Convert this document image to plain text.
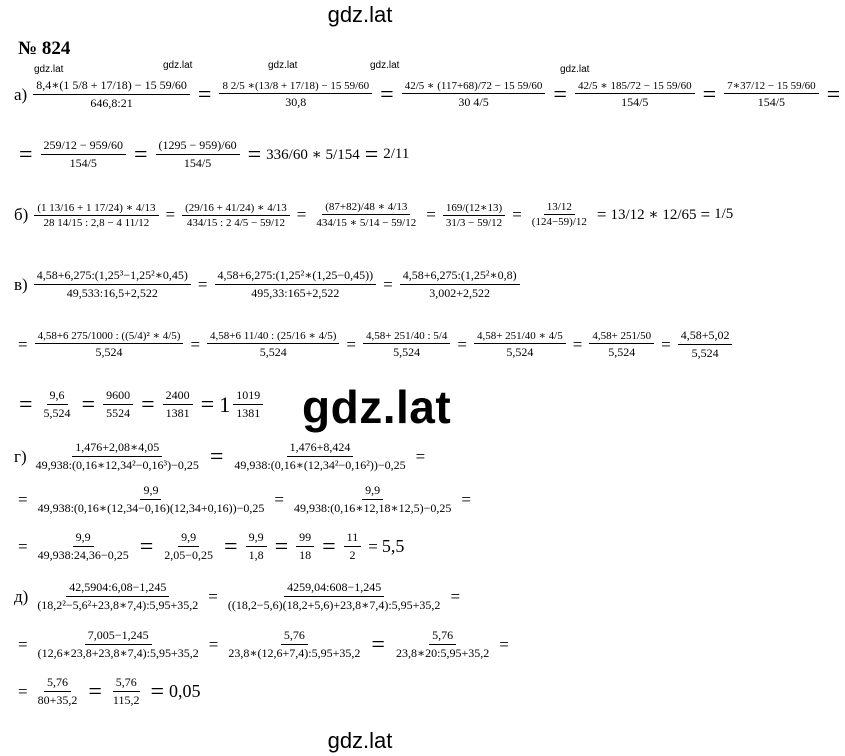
gdz.lat
№ 824
$а) \frac{8,4∗(1 5/8 + 17/18) - 15 59/60}{646,8:21} = \frac{8 2/5 ∗(13/8 + 17/18) - 15 59/60}{30,8} = \frac{42/5 ∗ (117+68)/72 - 15 59/60}{30 4/5} = \frac{42/5 ∗ 185/72 - 15 59/60}{154/5} = \frac{7∗37/12 - 15 59/60}{154/5}$ =
gdz.lat	gdz.lat	gdz.lat	gdz.lat	gdz.lat
= $\frac{259/12 - 959/60}{154/5} = \frac{(1295 - 959)/60}{154/5} = 336/60$ ∗ 5/154 = 2/11
$б) \frac{(1 13/16 + 1 17/24) ∗ 4/13}{28 14/15 : 2,8 - 4 11/12} = \frac{(29/16 + 41/24) ∗ 4/13}{434/15 : 2 4/5 - 59/12} = \frac{(87+82)/48 ∗ 4/13}{434/15 ∗ 5/14 - 59/12} = \frac{169/(12∗13)}{31/3 - 59/12} = \frac{13/12}{(124-59)/12} = 13/12$ ∗ 12/65 = 1/5
$в) \frac{\text{4,58+6,275:(1,25³−1,25²∗0,45)}}{49,533:16,5+2,522} = \frac{\text{4,58+6,275:(1,25²∗(1,25−0,45))}}{495,33:165+2,522} = \frac{\text{4,58+6,275:(1,25²∗0,8)}}{3,002+2,522}$
= $\frac{\text{4,58+6 275/1000 : ((5/4)² ∗ 4/5)}}{5,524} = \frac{4,58+6 11/40 : (25/16 ∗ 4/5)}{5,524} = \frac{4,58+ 251/40 : 5/4}{5,524} = \frac{4,58+ 251/40 ∗ 4/5}{5,524} = \frac{4,58+ 251/50}{5,524} = \frac{4,58+5,02}{5,524}$
= $\frac{9,6}{5,524} = \frac{9600}{5524} = \frac{2400}{1381} = 1 \frac{1019}{1381} gdz.lat$
$г) \frac{1,476+2,08∗4,05}{\text{49,938:(0,16∗12,34²−0,16³)−0,25}} = \frac{1,476+8,424}{\text{49,938:(0,16∗(12,34²−0,16²))−0,25}}$ =
= $\frac{9,9}{49,938:(0,16∗(12,34-0,16)(12,34+0,16))-0,25} = \frac{9,9}{49,938:(0,16∗12,18∗12,5)-0,25}$ =
= $\frac{9,9}{49,938:24,36-0,25} = \frac{9,9}{2,05-0,25} = \frac{9,9}{1,8} = \frac{99}{18} = \frac{11}{2} = 5,5$
$д) \frac{42,5904:6,08-1,245}{\text{(18,2²−5,6²+23,8∗7,4):5,95+35,2}} = \frac{4259,04:608-1,245}{((18,2-5,6)(18,2+5,6)+23,8∗7,4):5,95+35,2}$ =
= $\frac{7,005-1,245}{(12,6∗23,8+23,8∗7,4):5,95+35,2} = \frac{5,76}{23,8∗(12,6+7,4):5,95+35,2} = \frac{5,76}{23,8∗20:5,95+35,2}$ =
= $\frac{5,76}{80+35,2} = \frac{5,76}{115,2} = 0,05$
gdz.lat
